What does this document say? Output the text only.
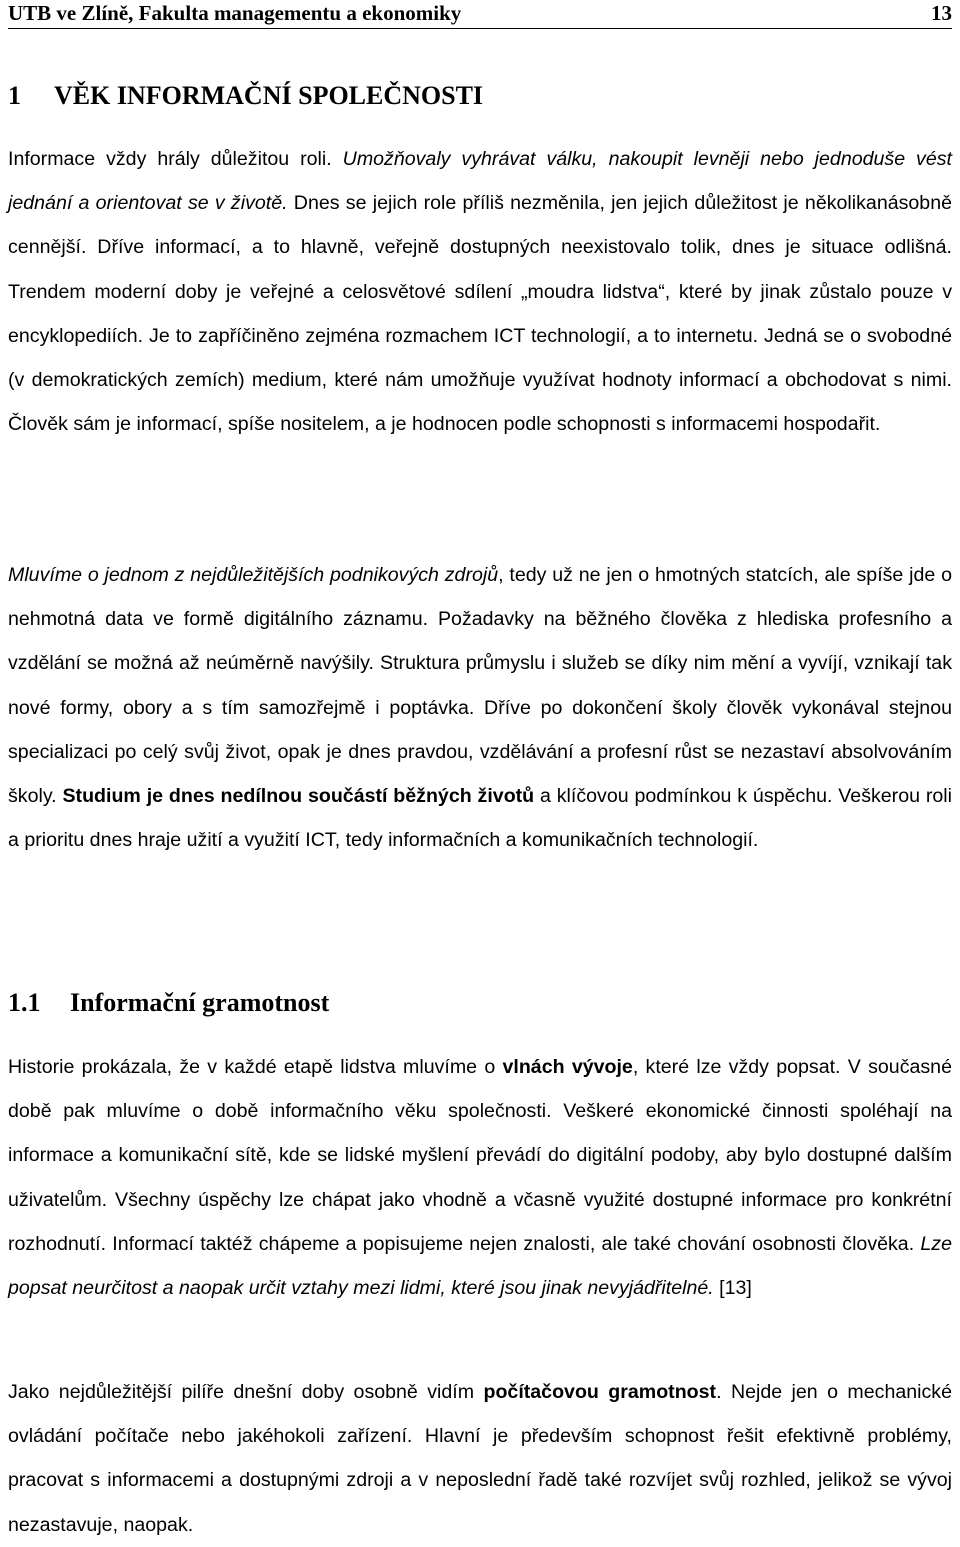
UTB ve Zlíně, Fakulta managementu a ekonomiky	13
1 VĚK INFORMAČNÍ SPOLEČNOSTI

Informace vždy hrály důležitou roli. Umožňovaly vyhrávat válku, nakoupit levněji nebo jednoduše vést jednání a orientovat se v životě. Dnes se jejich role příliš nezměnila, jen jejich důležitost je několikanásobně cennější. Dříve informací, a to hlavně, veřejně dostupných neexistovalo tolik, dnes je situace odlišná. Trendem moderní doby je veřejné a celosvětové sdílení „moudra lidstva“, které by jinak zůstalo pouze v encyklopediích. Je to zapříčiněno zejména rozmachem ICT technologií, a to internetu. Jedná se o svobodné (v demokratických zemích) medium, které nám umožňuje využívat hodnoty informací a obchodovat s nimi. Člověk sám je informací, spíše nositelem, a je hodnocen podle schopnosti s informacemi hospodařit.

Mluvíme o jednom z nejdůležitějších podnikových zdrojů, tedy už ne jen o hmotných statcích, ale spíše jde o nehmotná data ve formě digitálního záznamu. Požadavky na běžného člověka z hlediska profesního a vzdělání se možná až neúměrně navýšily. Struktura průmyslu i služeb se díky nim mění a vyvíjí, vznikají tak nové formy, obory a s tím samozřejmě i poptávka. Dříve po dokončení školy člověk vykonával stejnou specializaci po celý svůj život, opak je dnes pravdou, vzdělávání a profesní růst se nezastaví absolvováním školy. Studium je dnes nedílnou součástí běžných životů a klíčovou podmínkou k úspěchu. Veškerou roli a prioritu dnes hraje užití a využití ICT, tedy informačních a komunikačních technologií.

1.1 Informační gramotnost

Historie prokázala, že v každé etapě lidstva mluvíme o vlnách vývoje, které lze vždy popsat. V současné době pak mluvíme o době informačního věku společnosti. Veškeré ekonomické činnosti spoléhají na informace a komunikační sítě, kde se lidské myšlení převádí do digitální podoby, aby bylo dostupné dalším uživatelům. Všechny úspěchy lze chápat jako vhodně a včasně využité dostupné informace pro konkrétní rozhodnutí. Informací taktéž chápeme a popisujeme nejen znalosti, ale také chování osobnosti člověka. Lze popsat neurčitost a naopak určit vztahy mezi lidmi, které jsou jinak nevyjádřitelné. [13]

Jako nejdůležitější pilíře dnešní doby osobně vidím počítačovou gramotnost. Nejde jen o mechanické ovládání počítače nebo jakéhokoli zařízení. Hlavní je především schopnost řešit efektivně problémy, pracovat s informacemi a dostupnými zdroji a v neposlední řadě také rozvíjet svůj rozhled, jelikož se vývoj nezastavuje, naopak.
